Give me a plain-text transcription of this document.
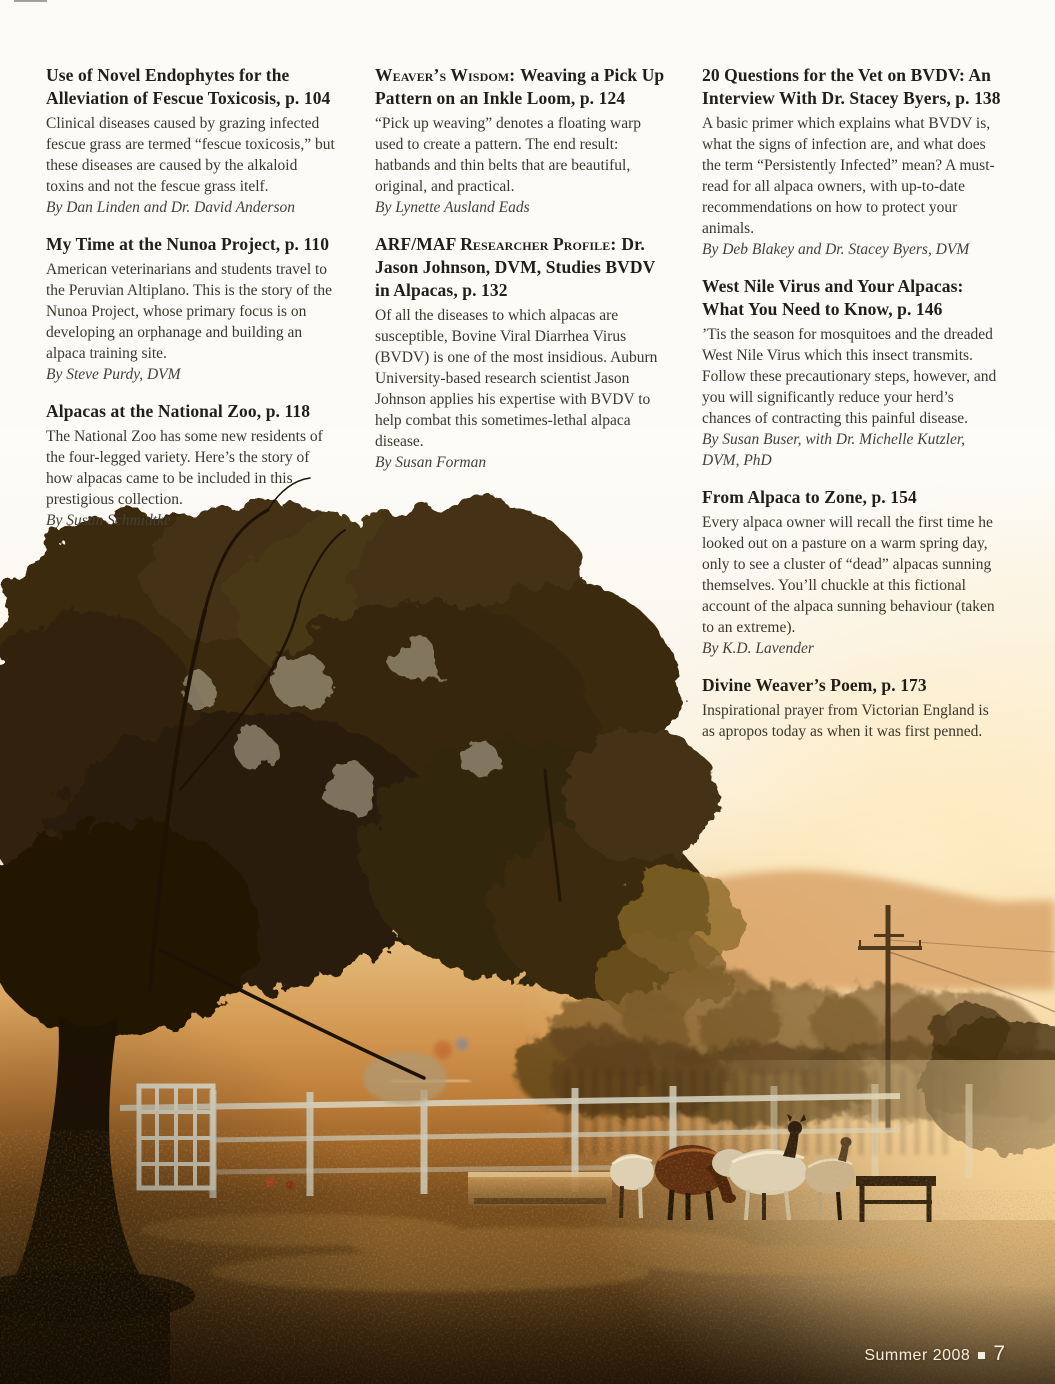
Use of Novel Endophytes for the Alleviation of Fescue Toxicosis, p. 104

Clinical diseases caused by grazing infected fescue grass are termed “fescue toxicosis,” but these diseases are caused by the alkaloid toxins and not the fescue grass itelf.

By Dan Linden and Dr. David Anderson

My Time at the Nunoa Project, p. 110

American veterinarians and students travel to the Peruvian Altiplano. This is the story of the Nunoa Project, whose primary focus is on developing an orphanage and building an alpaca training site.

By Steve Purdy, DVM

Alpacas at the National Zoo, p. 118

The National Zoo has some new residents of the four-legged variety. Here’s the story of how alpacas came to be included in this prestigious collection.

By Susan Schmidtke

Weaver’s Wisdom: Weaving a Pick Up Pattern on an Inkle Loom, p. 124

“Pick up weaving” denotes a floating warp used to create a pattern. The end result: hatbands and thin belts that are beautiful, original, and practical.

By Lynette Ausland Eads

ARF/MAF Researcher Profile: Dr. Jason Johnson, DVM, Studies BVDV in Alpacas, p. 132

Of all the diseases to which alpacas are susceptible, Bovine Viral Diarrhea Virus (BVDV) is one of the most insidious. Auburn University-based research scientist Jason Johnson applies his expertise with BVDV to help combat this sometimes-lethal alpaca disease.

By Susan Forman

20 Questions for the Vet on BVDV: An Interview With Dr. Stacey Byers, p. 138

A basic primer which explains what BVDV is, what the signs of infection are, and what does the term “Persistently Infected” mean? A must-read for all alpaca owners, with up-to-date recommendations on how to protect your animals.

By Deb Blakey and Dr. Stacey Byers, DVM

West Nile Virus and Your Alpacas: What You Need to Know, p. 146

’Tis the season for mosquitoes and the dreaded West Nile Virus which this insect transmits. Follow these precautionary steps, however, and you will significantly reduce your herd’s chances of contracting this painful disease.

By Susan Buser, with Dr. Michelle Kutzler, DVM, PhD

From Alpaca to Zone, p. 154

Every alpaca owner will recall the first time he looked out on a pasture on a warm spring day, only to see a cluster of “dead” alpacas sunning themselves. You’ll chuckle at this fictional account of the alpaca sunning behaviour (taken to an extreme).

By K.D. Lavender

Divine Weaver’s Poem, p. 173

Inspirational prayer from Victorian England is as apropos today as when it was first penned.

Summer 2008 7
